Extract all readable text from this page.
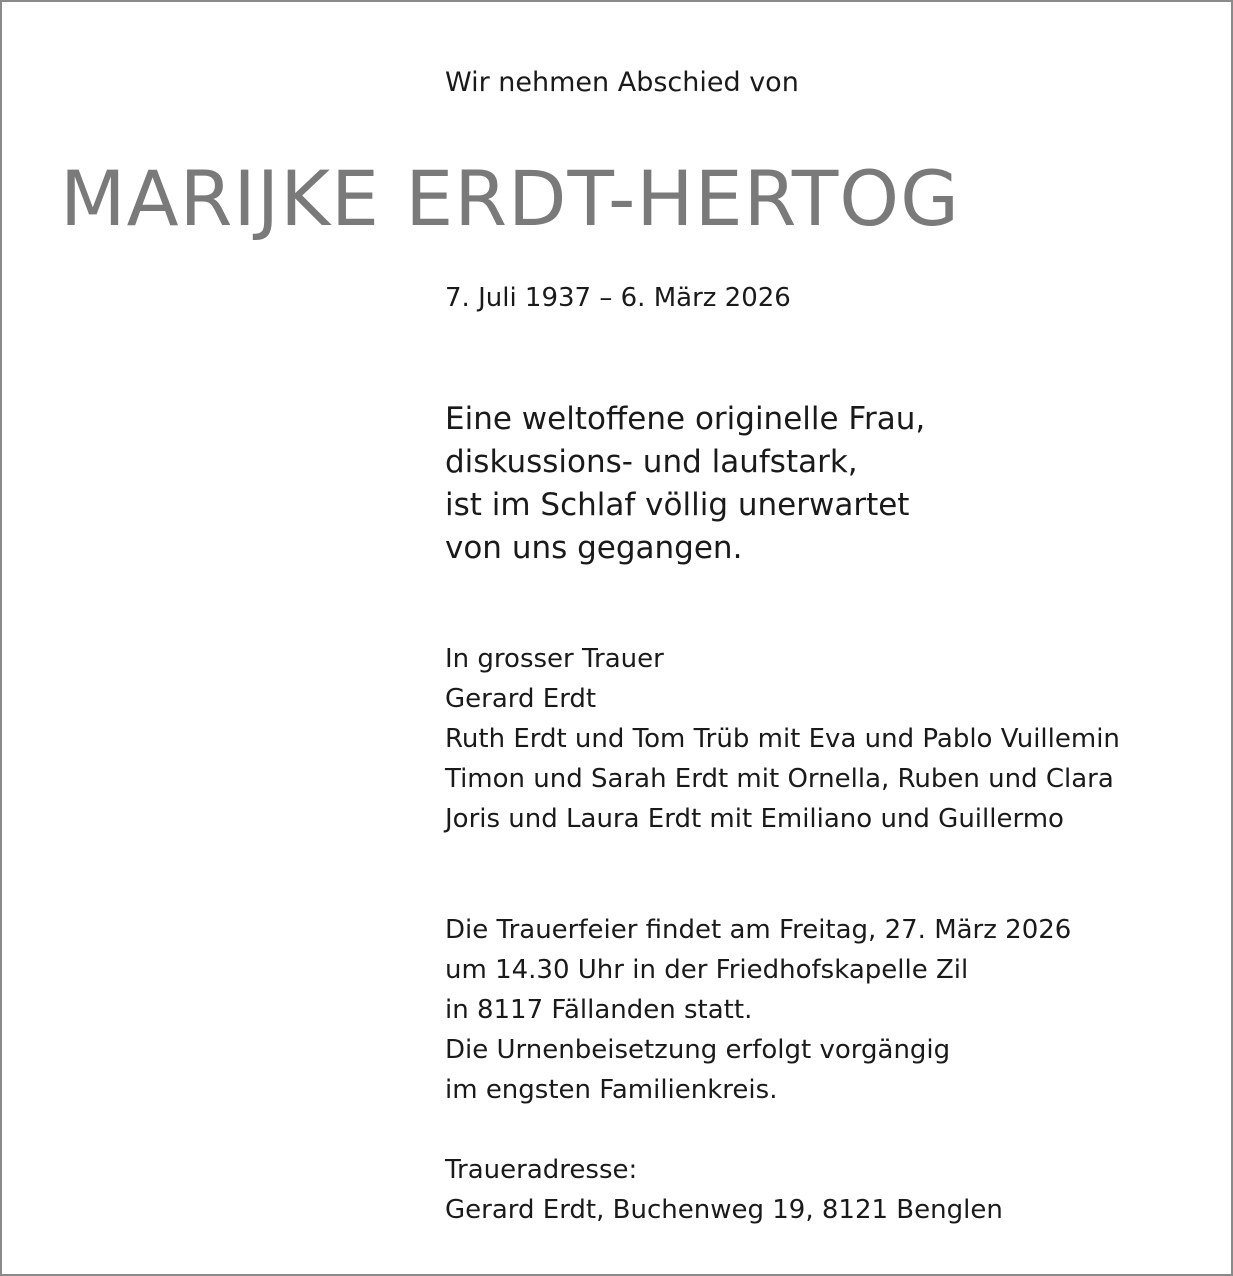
Wir nehmen Abschied von

MARIJKE ERDT-HERTOG

7. Juli 1937 – 6. März 2026

Eine weltoffene originelle Frau,
diskussions- und laufstark,
ist im Schlaf völlig unerwartet
von uns gegangen.
In grosser Trauer
Gerard Erdt
Ruth Erdt und Tom Trüb mit Eva und Pablo Vuillemin
Timon und Sarah Erdt mit Ornella, Ruben und Clara
Joris und Laura Erdt mit Emiliano und Guillermo
Die Trauerfeier findet am Freitag, 27. März 2026
um 14.30 Uhr in der Friedhofskapelle Zil
in 8117 Fällanden statt.
Die Urnenbeisetzung erfolgt vorgängig
im engsten Familienkreis.
Traueradresse:
Gerard Erdt, Buchenweg 19, 8121 Benglen
